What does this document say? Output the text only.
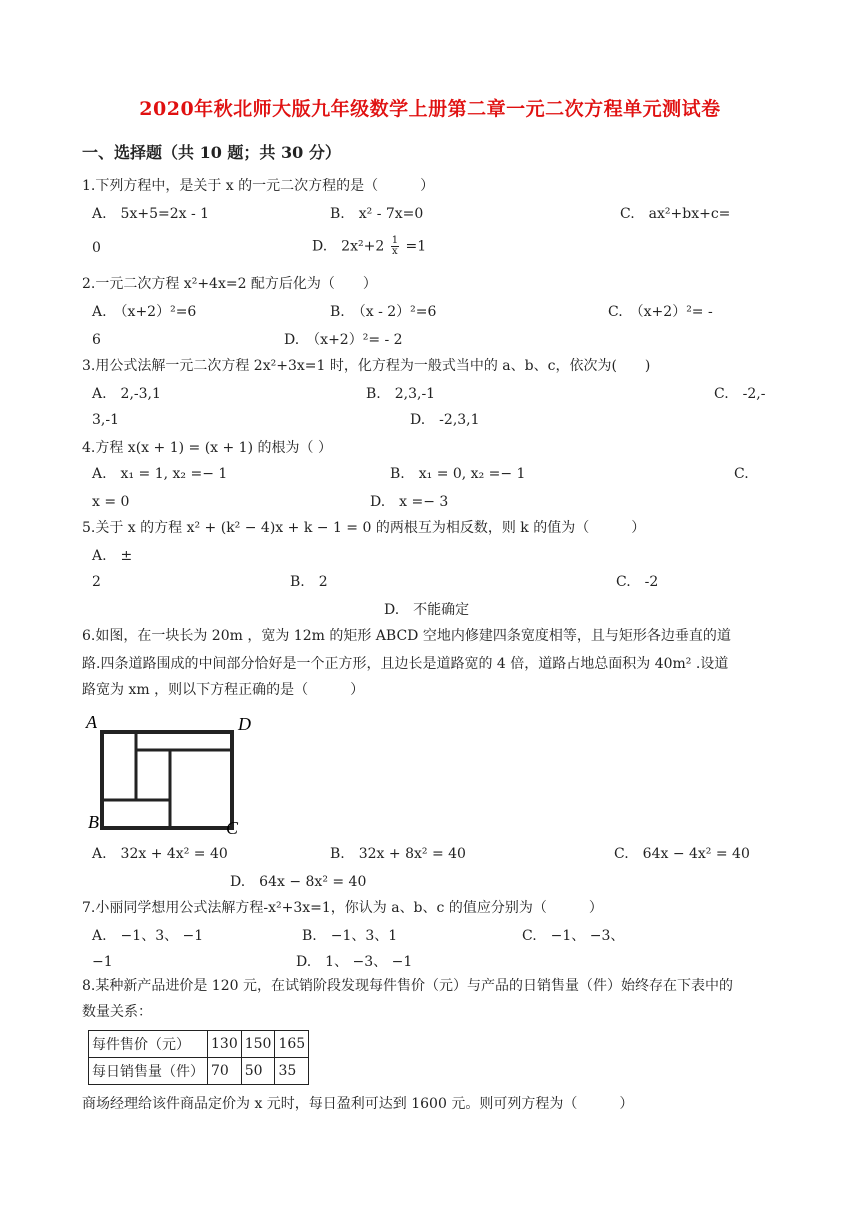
2020年秋北师大版九年级数学上册第二章一元二次方程单元测试卷
一、选择题（共 10 题；共 30 分）
1.下列方程中，是关于 x 的一元二次方程的是（　　　）
A.　5x+5=2x - 1	B.　x² - 7x=0	C.　ax²+bx+c=
0	D.　$2x^2+2 \frac{1}{x} =1$
2.一元二次方程 x²+4x=2 配方后化为（　　）
A.　（x+2）²=6	B.　（x - 2）²=6	C.　（x+2）²= -
6	D.　（x+2）²= - 2
3.用公式法解一元二次方程 2x²+3x=1 时，化方程为一般式当中的 a、b、c，依次为(　　)
A.　2,-3,1	B.　2,3,-1	C.　-2,-
3,-1	D.　-2,3,1
4.方程 x(x + 1) = (x + 1) 的根为（ ）
A.　x₁ = 1, x₂ =− 1	B.　x₁ = 0, x₂ =− 1	C.
x = 0	D.　x =− 3
5.关于 x 的方程 x² + (k² − 4)x + k − 1 = 0 的两根互为相反数，则 k 的值为（　　　）
A.　±
2	B.　2	C.　-2
D.　不能确定
6.如图，在一块长为 20m ，宽为 12m 的矩形 ABCD 空地内修建四条宽度相等，且与矩形各边垂直的道
路.四条道路围成的中间部分恰好是一个正方形，且边长是道路宽的 4 倍，道路占地总面积为 40m² .设道
路宽为 xm ，则以下方程正确的是（　　　）
A	D
B	C
A.　32x + 4x² = 40	B.　32x + 8x² = 40	C.　64x − 4x² = 40
D.　64x − 8x² = 40
7.小丽同学想用公式法解方程-x²+3x=1，你认为 a、b、c 的值应分别为（　　　）
A.　−1、3、 −1	B.　−1、3、1	C.　−1、 −3、
−1	D.　1、 −3、 −1
8.某种新产品进价是 120 元，在试销阶段发现每件售价（元）与产品的日销售量（件）始终存在下表中的
数量关系：
每件售价（元）	130	150	165
每日销售量（件）	70	50	35
商场经理给该件商品定价为 x 元时，每日盈利可达到 1600 元。则可列方程为（　　　）
